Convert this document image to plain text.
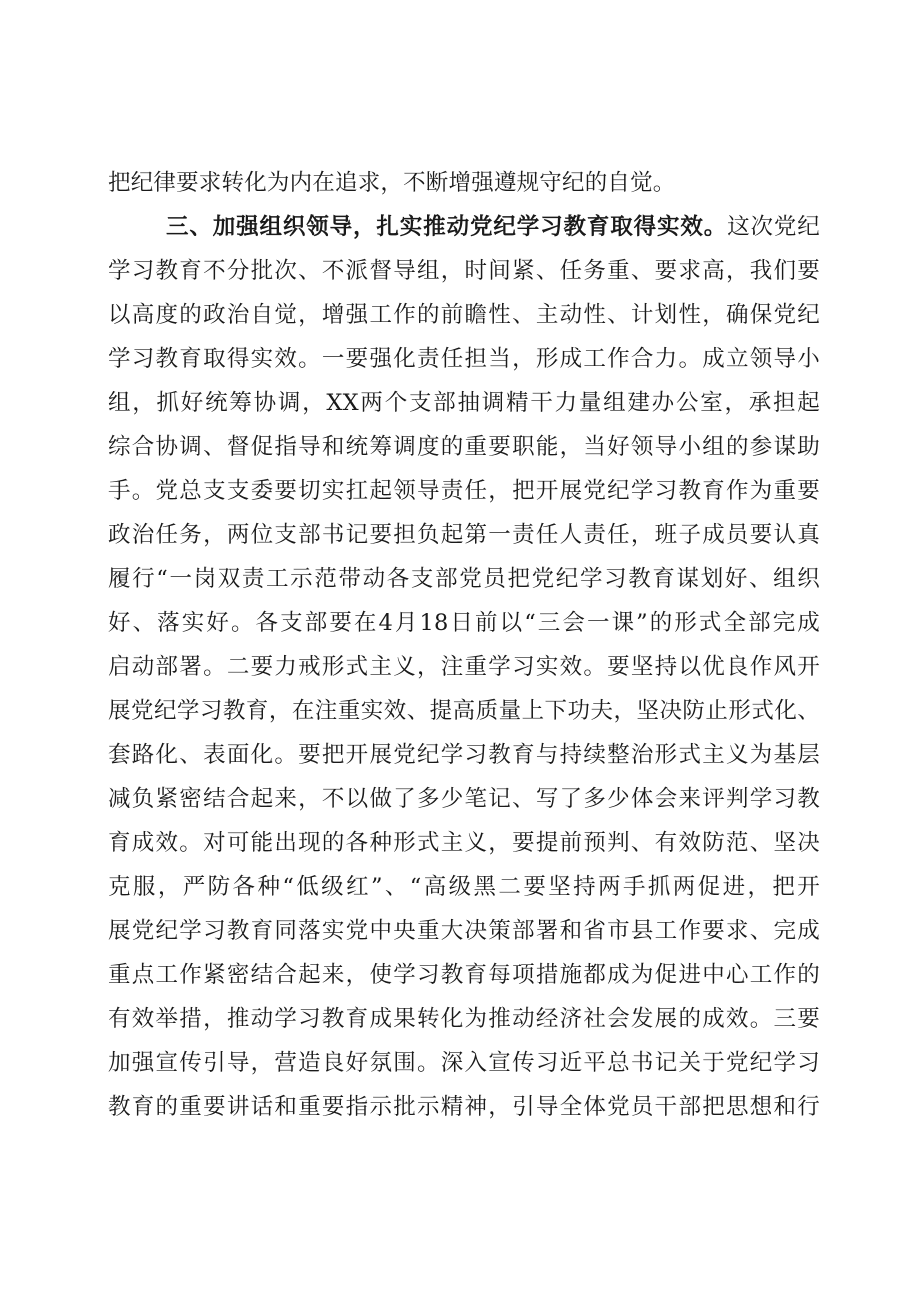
把纪律要求转化为内在追求，不断增强遵规守纪的自觉。
三、加强组织领导，扎实推动党纪学习教育取得实效。这次党纪
学习教育不分批次、不派督导组，时间紧、任务重、要求高，我们要
以高度的政治自觉，增强工作的前瞻性、主动性、计划性，确保党纪
学习教育取得实效。一要强化责任担当，形成工作合力。成立领导小
组，抓好统筹协调，XX两个支部抽调精干力量组建办公室，承担起
综合协调、督促指导和统筹调度的重要职能，当好领导小组的参谋助
手。党总支支委要切实扛起领导责任，把开展党纪学习教育作为重要
政治任务，两位支部书记要担负起第一责任人责任，班子成员要认真
履行“一岗双责工示范带动各支部党员把党纪学习教育谋划好、组织
好、落实好。各支部要在4月18日前以“三会一课”的形式全部完成
启动部署。二要力戒形式主义，注重学习实效。要坚持以优良作风开
展党纪学习教育，在注重实效、提高质量上下功夫，坚决防止形式化、
套路化、表面化。要把开展党纪学习教育与持续整治形式主义为基层
减负紧密结合起来，不以做了多少笔记、写了多少体会来评判学习教
育成效。对可能出现的各种形式主义，要提前预判、有效防范、坚决
克服，严防各种“低级红”、“高级黑二要坚持两手抓两促进，把开
展党纪学习教育同落实党中央重大决策部署和省市县工作要求、完成
重点工作紧密结合起来，使学习教育每项措施都成为促进中心工作的
有效举措，推动学习教育成果转化为推动经济社会发展的成效。三要
加强宣传引导，营造良好氛围。深入宣传习近平总书记关于党纪学习
教育的重要讲话和重要指示批示精神，引导全体党员干部把思想和行
